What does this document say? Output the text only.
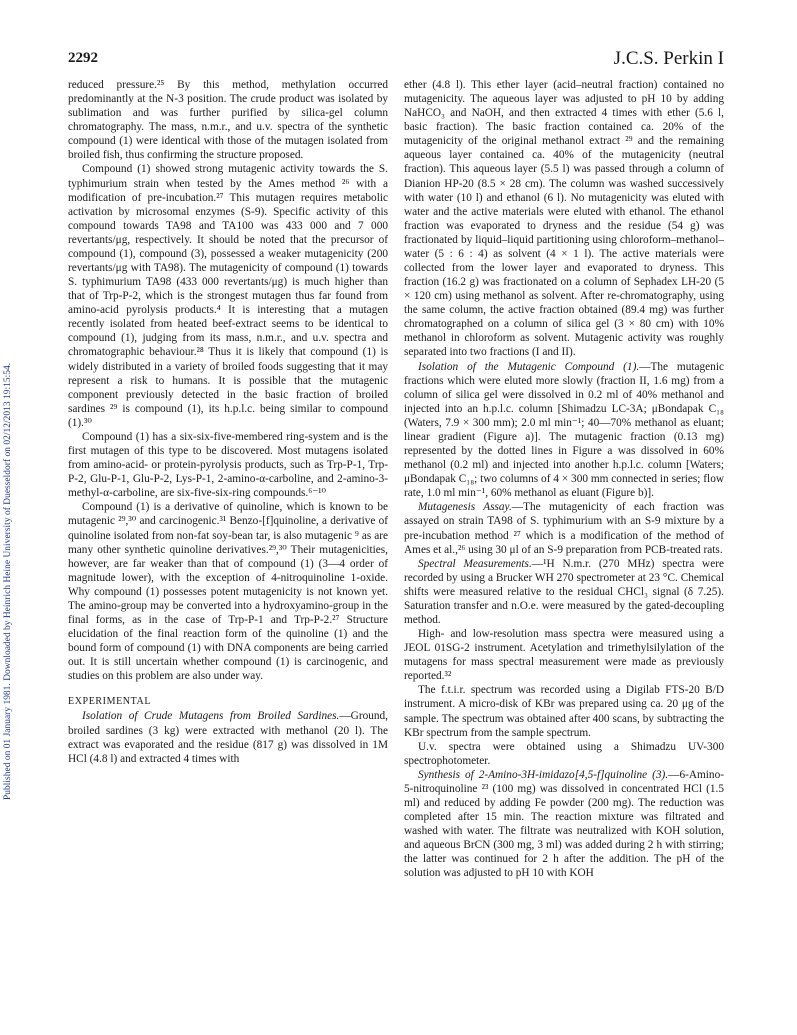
2292	J.C.S. Perkin I
Published on 01 January 1981. Downloaded by Heinrich Heine University of Duesseldorf on 02/12/2013 19:15:54.

reduced pressure.²⁵ By this method, methylation occurred predominantly at the N-3 position. The crude product was isolated by sublimation and was further purified by silica-gel column chromatography. The mass, n.m.r., and u.v. spectra of the synthetic compound (1) were identical with those of the mutagen isolated from broiled fish, thus confirming the structure proposed.

Compound (1) showed strong mutagenic activity towards the S. typhimurium strain when tested by the Ames method ²⁶ with a modification of pre-incubation.²⁷ This mutagen requires metabolic activation by microsomal enzymes (S-9). Specific activity of this compound towards TA98 and TA100 was 433 000 and 7 000 revertants/μg, respectively. It should be noted that the precursor of compound (1), compound (3), possessed a weaker mutagenicity (200 revertants/μg with TA98). The mutagenicity of compound (1) towards S. typhimurium TA98 (433 000 revertants/μg) is much higher than that of Trp-P-2, which is the strongest mutagen thus far found from amino-acid pyrolysis products.⁴ It is interesting that a mutagen recently isolated from heated beef-extract seems to be identical to compound (1), judging from its mass, n.m.r., and u.v. spectra and chromatographic behaviour.²⁸ Thus it is likely that compound (1) is widely distributed in a variety of broiled foods suggesting that it may represent a risk to humans. It is possible that the mutagenic component previously detected in the basic fraction of broiled sardines ²⁹ is compound (1), its h.p.l.c. being similar to compound (1).³⁰

Compound (1) has a six-six-five-membered ring-system and is the first mutagen of this type to be discovered. Most mutagens isolated from amino-acid- or protein-pyrolysis products, such as Trp-P-1, Trp-P-2, Glu-P-1, Glu-P-2, Lys-P-1, 2-amino-α-carboline, and 2-amino-3-methyl-α-carboline, are six-five-six-ring compounds.⁶⁻¹⁰

Compound (1) is a derivative of quinoline, which is known to be mutagenic ²⁹,³⁰ and carcinogenic.³¹ Benzo-[f]quinoline, a derivative of quinoline isolated from non-fat soy-bean tar, is also mutagenic ⁹ as are many other synthetic quinoline derivatives.²⁹,³⁰ Their mutagenicities, however, are far weaker than that of compound (1) (3—4 order of magnitude lower), with the exception of 4-nitroquinoline 1-oxide. Why compound (1) possesses potent mutagenicity is not known yet. The amino-group may be converted into a hydroxyamino-group in the final forms, as in the case of Trp-P-1 and Trp-P-2.²⁷ Structure elucidation of the final reaction form of the quinoline (1) and the bound form of compound (1) with DNA components are being carried out. It is still uncertain whether compound (1) is carcinogenic, and studies on this problem are also under way.

EXPERIMENTAL

Isolation of Crude Mutagens from Broiled Sardines.—Ground, broiled sardines (3 kg) were extracted with methanol (20 l). The extract was evaporated and the residue (817 g) was dissolved in 1M HCl (4.8 l) and extracted 4 times with

ether (4.8 l). This ether layer (acid–neutral fraction) contained no mutagenicity. The aqueous layer was adjusted to pH 10 by adding NaHCO₃ and NaOH, and then extracted 4 times with ether (5.6 l, basic fraction). The basic fraction contained ca. 20% of the mutagenicity of the original methanol extract ²⁹ and the remaining aqueous layer contained ca. 40% of the mutagenicity (neutral fraction). This aqueous layer (5.5 l) was passed through a column of Dianion HP-20 (8.5 × 28 cm). The column was washed successively with water (10 l) and ethanol (6 l). No mutagenicity was eluted with water and the active materials were eluted with ethanol. The ethanol fraction was evaporated to dryness and the residue (54 g) was fractionated by liquid–liquid partitioning using chloroform–methanol–water (5 : 6 : 4) as solvent (4 × 1 l). The active materials were collected from the lower layer and evaporated to dryness. This fraction (16.2 g) was fractionated on a column of Sephadex LH-20 (5 × 120 cm) using methanol as solvent. After re-chromatography, using the same column, the active fraction obtained (89.4 mg) was further chromatographed on a column of silica gel (3 × 80 cm) with 10% methanol in chloroform as solvent. Mutagenic activity was roughly separated into two fractions (I and II).

Isolation of the Mutagenic Compound (1).—The mutagenic fractions which were eluted more slowly (fraction II, 1.6 mg) from a column of silica gel were dissolved in 0.2 ml of 40% methanol and injected into an h.p.l.c. column [Shimadzu LC-3A; μBondapak C₁₈ (Waters, 7.9 × 300 mm); 2.0 ml min⁻¹; 40—70% methanol as eluant; linear gradient (Figure a)]. The mutagenic fraction (0.13 mg) represented by the dotted lines in Figure a was dissolved in 60% methanol (0.2 ml) and injected into another h.p.l.c. column [Waters; μBondapak C₁₈; two columns of 4 × 300 mm connected in series; flow rate, 1.0 ml min⁻¹, 60% methanol as eluant (Figure b)].

Mutagenesis Assay.—The mutagenicity of each fraction was assayed on strain TA98 of S. typhimurium with an S-9 mixture by a pre-incubation method ²⁷ which is a modification of the method of Ames et al.,²⁶ using 30 μl of an S-9 preparation from PCB-treated rats.

Spectral Measurements.—¹H N.m.r. (270 MHz) spectra were recorded by using a Brucker WH 270 spectrometer at 23 °C. Chemical shifts were measured relative to the residual CHCl₃ signal (δ 7.25). Saturation transfer and n.O.e. were measured by the gated-decoupling method.

High- and low-resolution mass spectra were measured using a JEOL 01SG-2 instrument. Acetylation and trimethylsilylation of the mutagens for mass spectral measurement were made as previously reported.³²

The f.t.i.r. spectrum was recorded using a Digilab FTS-20 B/D instrument. A micro-disk of KBr was prepared using ca. 20 μg of the sample. The spectrum was obtained after 400 scans, by subtracting the KBr spectrum from the sample spectrum.

U.v. spectra were obtained using a Shimadzu UV-300 spectrophotometer.

Synthesis of 2-Amino-3H-imidazo[4,5-f]quinoline (3).—6-Amino-5-nitroquinoline ²³ (100 mg) was dissolved in concentrated HCl (1.5 ml) and reduced by adding Fe powder (200 mg). The reduction was completed after 15 min. The reaction mixture was filtrated and washed with water. The filtrate was neutralized with KOH solution, and aqueous BrCN (300 mg, 3 ml) was added during 2 h with stirring; the latter was continued for 2 h after the addition. The pH of the solution was adjusted to pH 10 with KOH
